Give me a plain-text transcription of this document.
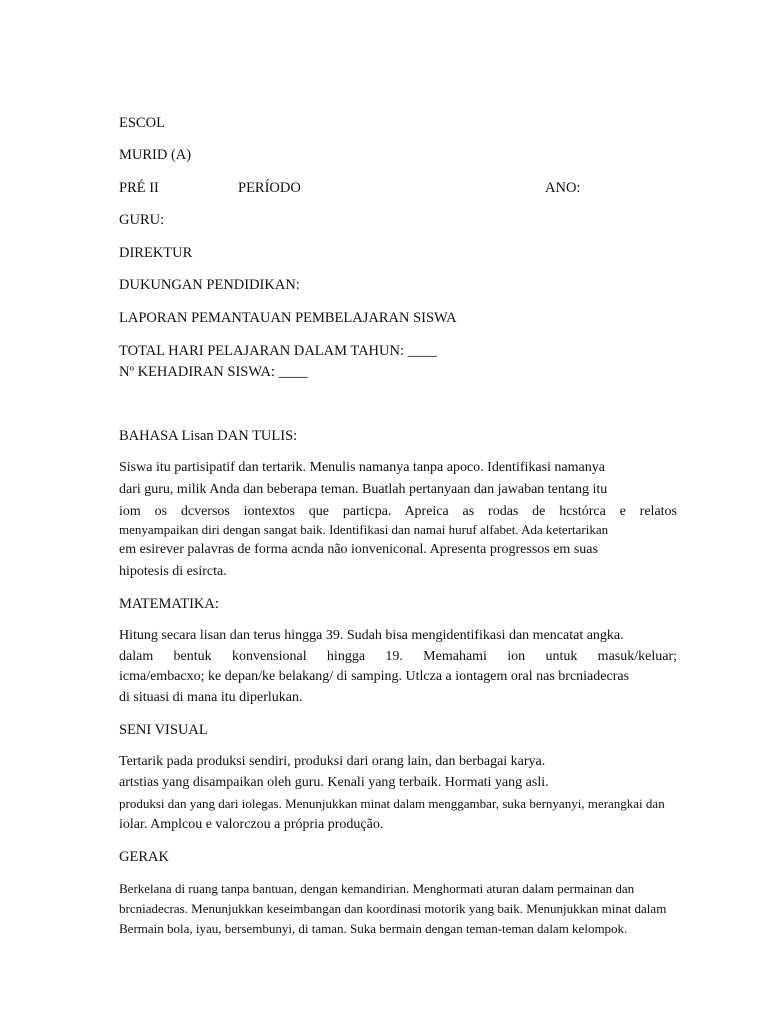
ESCOL
MURID (A)
PRÉ II	PERÍODO	ANO:
GURU:
DIREKTUR
DUKUNGAN PENDIDIKAN:
LAPORAN PEMANTAUAN PEMBELAJARAN SISWA
TOTAL HARI PELAJARAN DALAM TAHUN: ____
Nº KEHADIRAN SISWA: ____
BAHASA Lisan DAN TULIS:
Siswa itu partisipatif dan tertarik. Menulis namanya tanpa apoco. Identifikasi namanya
dari guru, milik Anda dan beberapa teman. Buatlah pertanyaan dan jawaban tentang itu
iom os dcversos iontextos que particpa. Apreica as rodas de hcstórca e relatos
menyampaikan diri dengan sangat baik. Identifikasi dan namai huruf alfabet. Ada ketertarikan
em esirever palavras de forma acnda não ionveniconal. Apresenta progressos em suas
hipotesis di esircta.
MATEMATIKA:
Hitung secara lisan dan terus hingga 39. Sudah bisa mengidentifikasi dan mencatat angka.
dalam bentuk konvensional hingga 19. Memahami ion untuk masuk/keluar;
icma/embacxo; ke depan/ke belakang/ di samping. Utlcza a iontagem oral nas brcniadecras
di situasi di mana itu diperlukan.
SENI VISUAL
Tertarik pada produksi sendiri, produksi dari orang lain, dan berbagai karya.
artstias yang disampaikan oleh guru. Kenali yang terbaik. Hormati yang asli.
produksi dan yang dari iolegas. Menunjukkan minat dalam menggambar, suka bernyanyi, merangkai dan
iolar. Amplcou e valorczou a própria produção.
GERAK
Berkelana di ruang tanpa bantuan, dengan kemandirian. Menghormati aturan dalam permainan dan
brcniadecras. Menunjukkan keseimbangan dan koordinasi motorik yang baik. Menunjukkan minat dalam
Bermain bola, iyau, bersembunyi, di taman. Suka bermain dengan teman-teman dalam kelompok.
